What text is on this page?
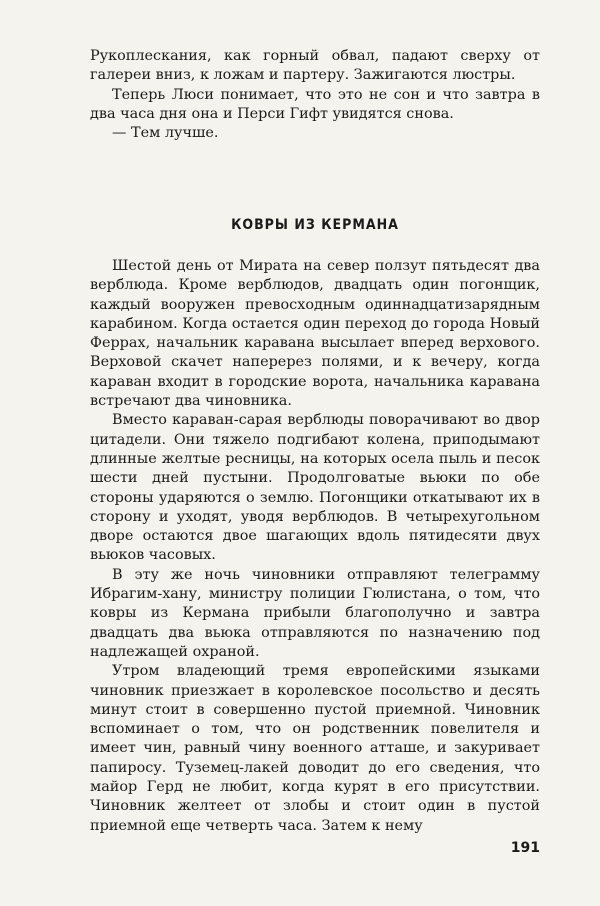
Рукоплескания, как горный обвал, падают сверху от галереи вниз, к ложам и партеру. Зажигаются люстры.

Теперь Люси понимает, что это не сон и что завтра в два часа дня она и Перси Гифт увидятся снова.

— Тем лучше.

КОВРЫ ИЗ КЕРМАНА

Шестой день от Мирата на север ползут пятьдесят два верблюда. Кроме верблюдов, двадцать один погонщик, каждый вооружен превосходным одиннадцатизарядным карабином. Когда остается один переход до города Новый Феррах, начальник каравана высылает вперед верхового. Верховой скачет наперерез полями, и к вечеру, когда караван входит в городские ворота, начальника каравана встречают два чиновника.

Вместо караван-сарая верблюды поворачивают во двор цитадели. Они тяжело подгибают колена, приподымают длинные желтые ресницы, на которых осела пыль и песок шести дней пустыни. Продолговатые вьюки по обе стороны ударяются о землю. Погонщики откатывают их в сторону и уходят, уводя верблюдов. В четырехугольном дворе остаются двое шагающих вдоль пятидесяти двух вьюков часовых.

В эту же ночь чиновники отправляют телеграмму Ибрагим-хану, министру полиции Гюлистана, о том, что ковры из Кермана прибыли благополучно и завтра двадцать два вьюка отправляются по назначению под надлежащей охраной.

Утром владеющий тремя европейскими языками чиновник приезжает в королевское посольство и десять минут стоит в совершенно пустой приемной. Чиновник вспоминает о том, что он родственник повелителя и имеет чин, равный чину военного атташе, и закуривает папиросу. Туземец-лакей доводит до его сведения, что майор Герд не любит, когда курят в его присутствии. Чиновник желтеет от злобы и стоит один в пустой приемной еще четверть часа. Затем к нему

191
